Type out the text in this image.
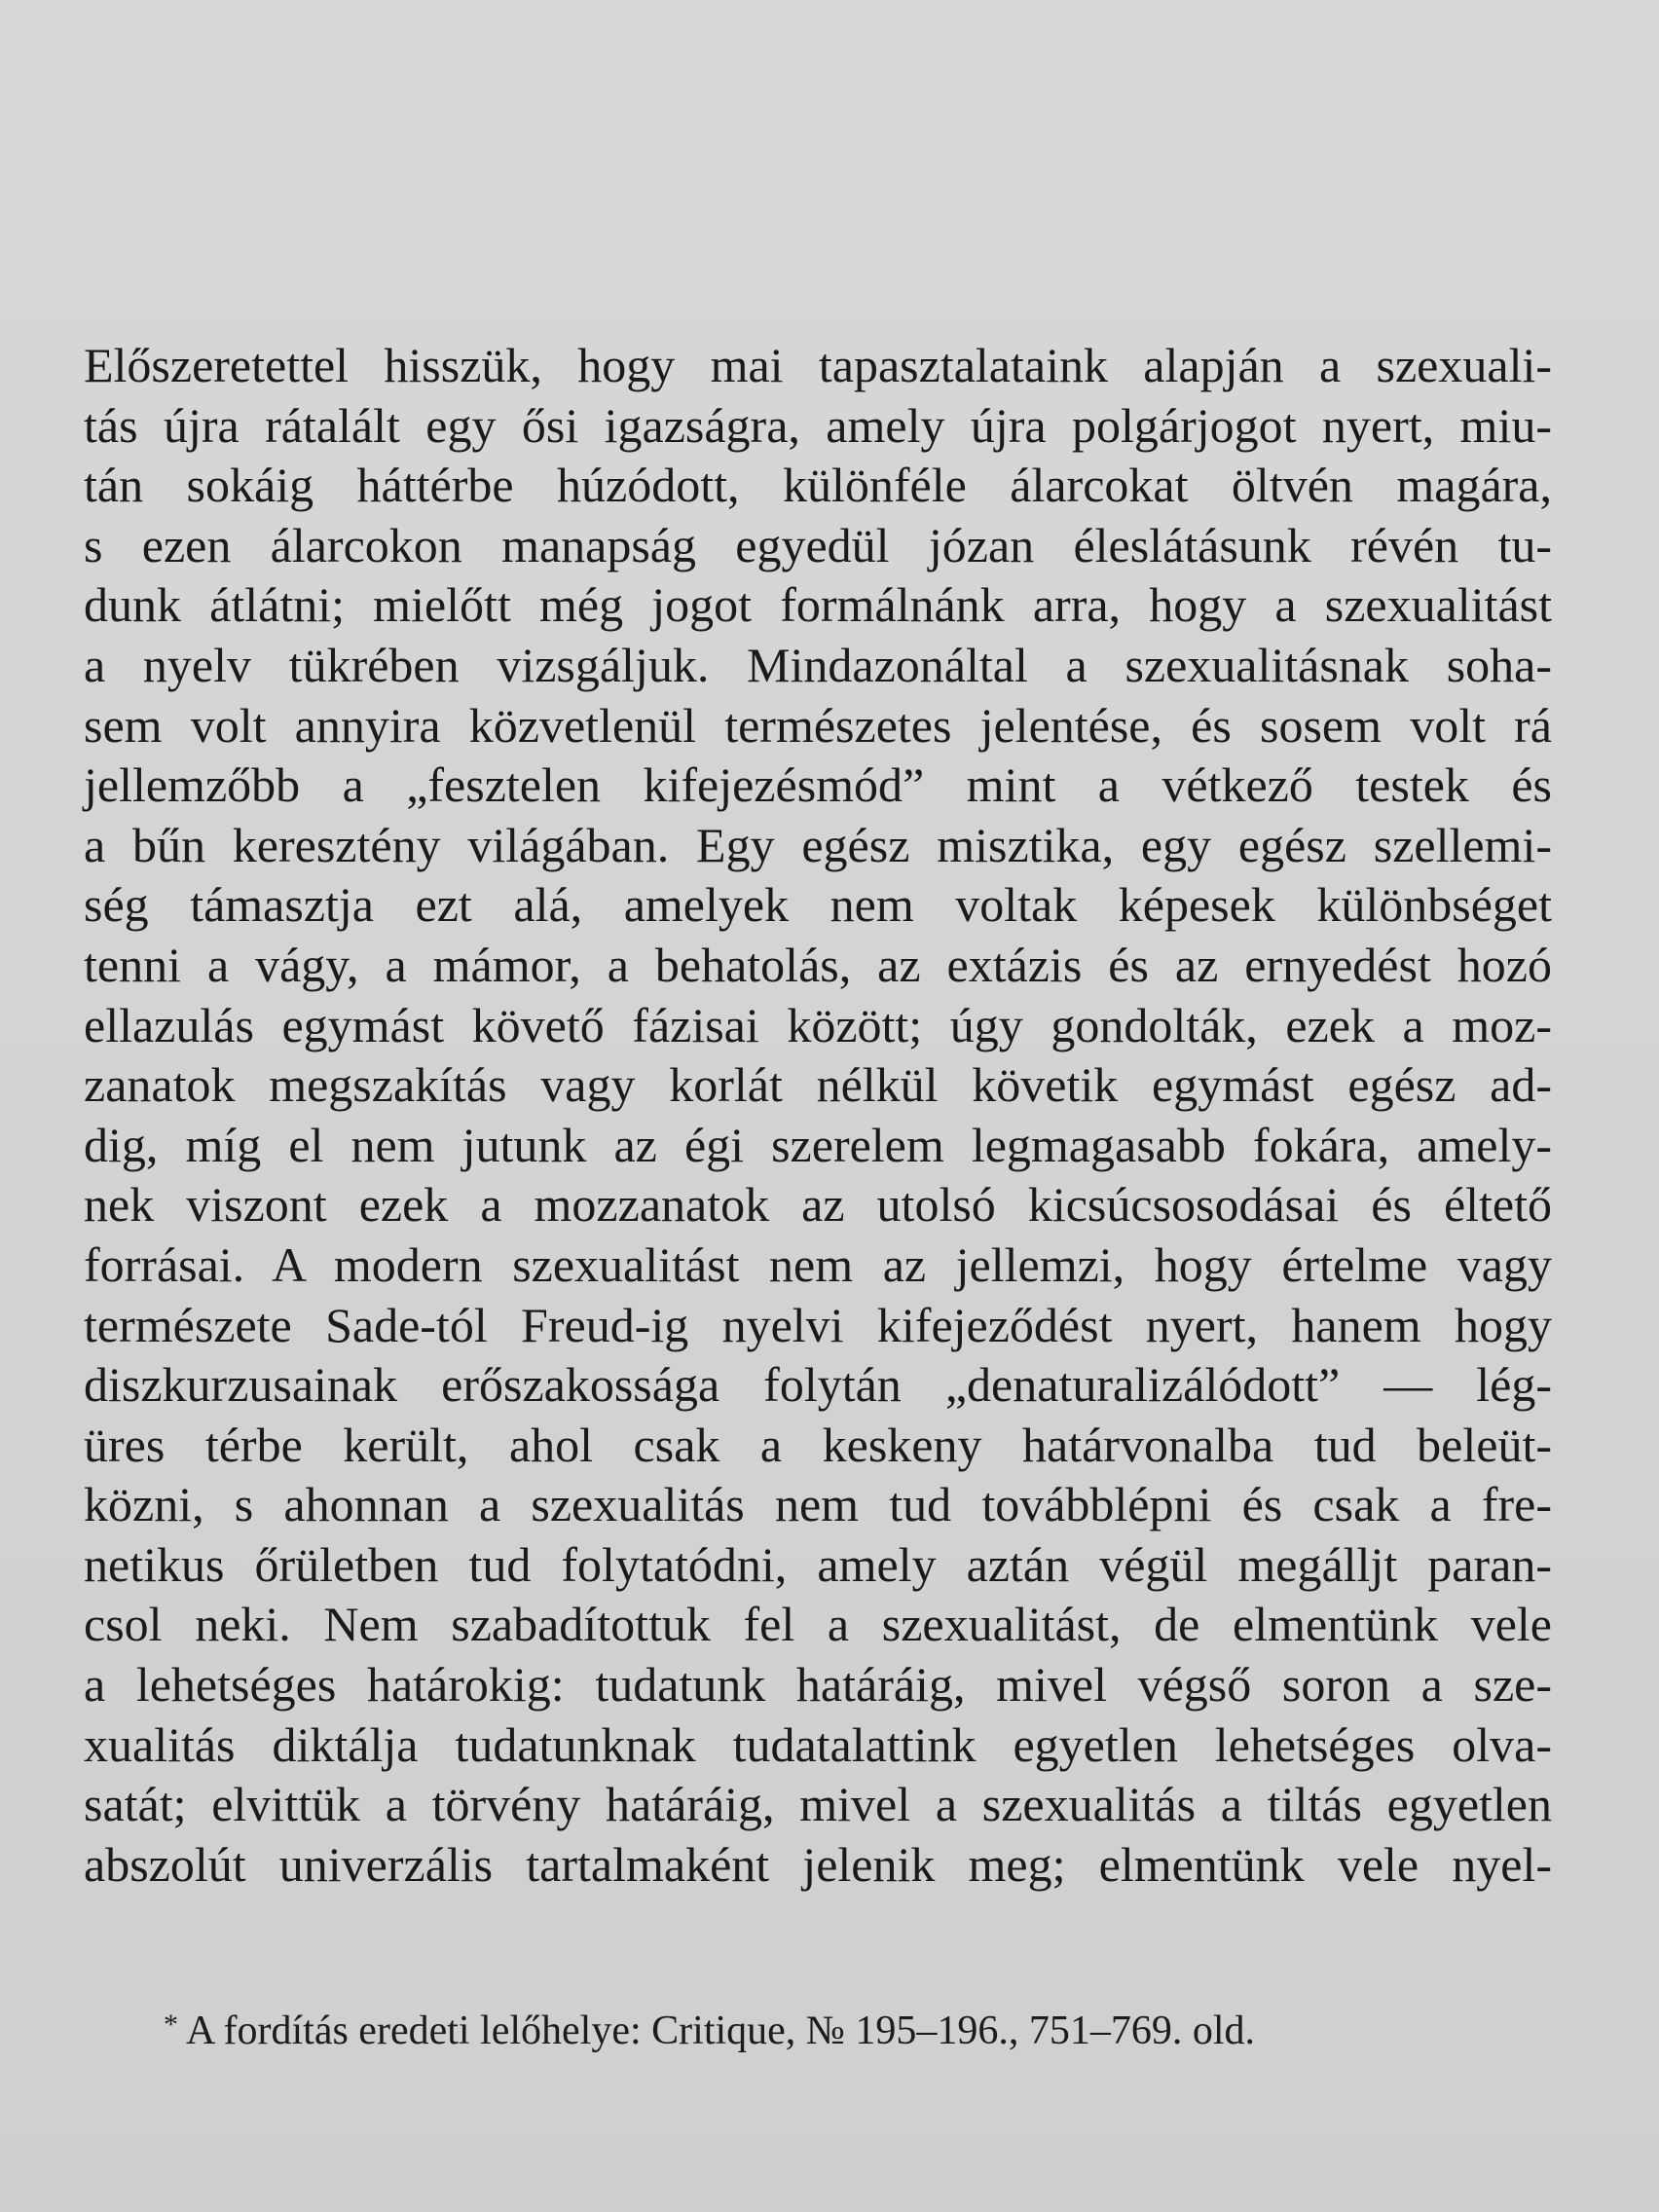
Előszeretettel hisszük, hogy mai tapasztalataink alapján a szexuali-
tás újra rátalált egy ősi igazságra, amely újra polgárjogot nyert, miu-
tán sokáig háttérbe húzódott, különféle álarcokat öltvén magára,
s ezen álarcokon manapság egyedül józan éleslátásunk révén tu-
dunk átlátni; mielőtt még jogot formálnánk arra, hogy a szexualitást
a nyelv tükrében vizsgáljuk. Mindazonáltal a szexualitásnak soha-
sem volt annyira közvetlenül természetes jelentése, és sosem volt rá
jellemzőbb a „fesztelen kifejezésmód” mint a vétkező testek és
a bűn keresztény világában. Egy egész misztika, egy egész szellemi-
ség támasztja ezt alá, amelyek nem voltak képesek különbséget
tenni a vágy, a mámor, a behatolás, az extázis és az ernyedést hozó
ellazulás egymást követő fázisai között; úgy gondolták, ezek a moz-
zanatok megszakítás vagy korlát nélkül követik egymást egész ad-
dig, míg el nem jutunk az égi szerelem legmagasabb fokára, amely-
nek viszont ezek a mozzanatok az utolsó kicsúcsosodásai és éltető
forrásai. A modern szexualitást nem az jellemzi, hogy értelme vagy
természete Sade-tól Freud-ig nyelvi kifejeződést nyert, hanem hogy
diszkurzusainak erőszakossága folytán „denaturalizálódott” — lég-
üres térbe került, ahol csak a keskeny határvonalba tud beleüt-
közni, s ahonnan a szexualitás nem tud továbblépni és csak a fre-
netikus őrületben tud folytatódni, amely aztán végül megálljt paran-
csol neki. Nem szabadítottuk fel a szexualitást, de elmentünk vele
a lehetséges határokig: tudatunk határáig, mivel végső soron a sze-
xualitás diktálja tudatunknak tudatalattink egyetlen lehetséges olva-
satát; elvittük a törvény határáig, mivel a szexualitás a tiltás egyetlen
abszolút univerzális tartalmaként jelenik meg; elmentünk vele nyel-
* A fordítás eredeti lelőhelye: Critique, № 195–196., 751–769. old.
